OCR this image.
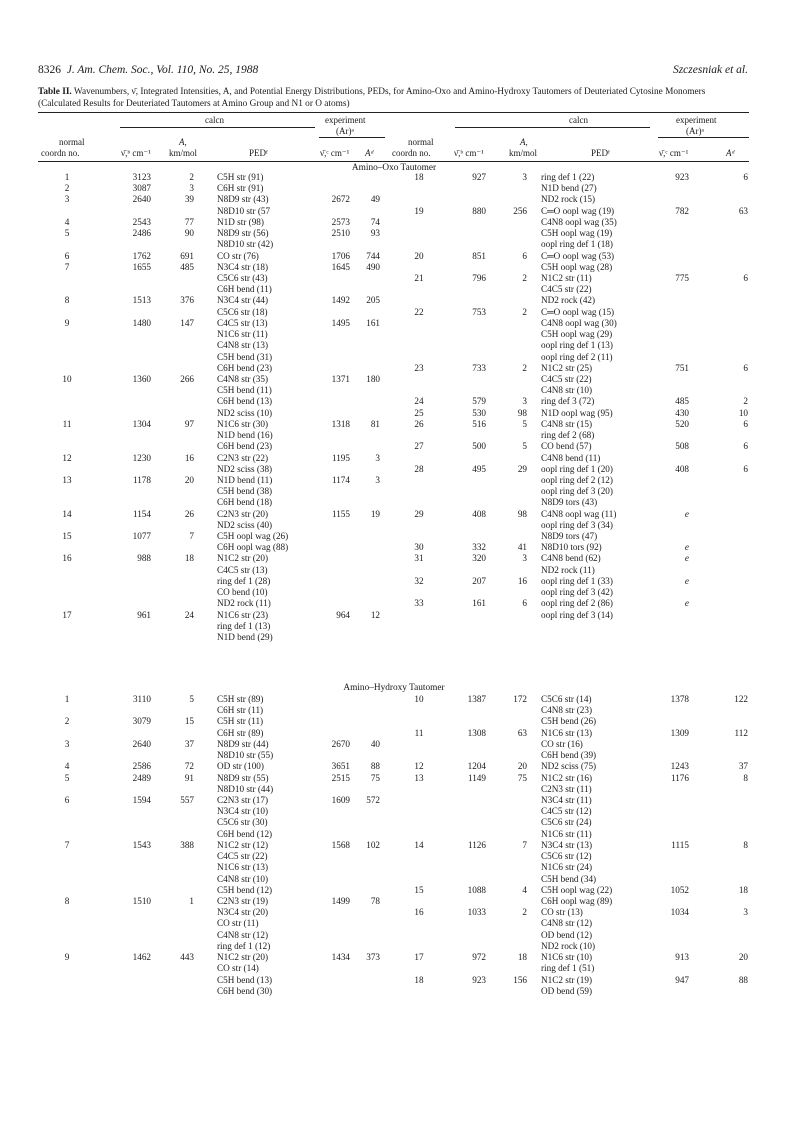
8326 J. Am. Chem. Soc., Vol. 110, No. 25, 1988	Szczesniak et al.
Table II. Wavenumbers, ν̄, Integrated Intensities, A, and Potential Energy Distributions, PEDs, for Amino-Oxo and Amino-Hydroxy Tautomers of Deuteriated Cytosine Monomers (Calculated Results for Deuteriated Tautomers at Amino Group and N1 or O atoms)
calcn	experiment
(Ar)ᵃ
calcn	experiment
(Ar)ᵃ
normal
coordn no.	ν̄,ᵇ cm⁻¹
A,
km/mol	PEDᶠ	ν̄,ᶜ cm⁻¹ Aᵈ
normal
coordn no.	ν̄,ᵇ cm⁻¹
A,
km/mol	PEDᶠ	ν̄,ᶜ cm⁻¹	Aᵈ
Amino–Oxo Tautomer
Amino–Hydroxy Tautomer
1	3123	2	C5H str (91)
2	3087	3	C6H str (91)
3	2640	39	N8D9 str (43)	2672	49
N8D10 str (57
4	2543	77	N1D str (98)	2573	74
5	2486	90	N8D9 str (56)	2510	93
N8D10 str (42)
6	1762	691	CO str (76)	1706	744
7	1655	485	N3C4 str (18)	1645	490
C5C6 str (43)
C6H bend (11)
8	1513	376	N3C4 str (44)	1492	205
C5C6 str (18)
9	1480	147	C4C5 str (13)	1495	161
N1C6 str (11)
C4N8 str (13)
C5H bend (31)
C6H bend (23)
10	1360	266	C4N8 str (35)	1371	180
C5H bend (11)
C6H bend (13)
ND2 sciss (10)
11	1304	97	N1C6 str (30)	1318	81
N1D bend (16)
C6H bend (23)
12	1230	16	C2N3 str (22)	1195	3
ND2 sciss (38)
13	1178	20	N1D bend (11)	1174	3
C5H bend (38)
C6H bend (18)
14	1154	26	C2N3 str (20)	1155	19
ND2 sciss (40)
15	1077	7	C5H oopl wag (26)
C6H oopl wag (88)
16	988	18	N1C2 str (20)
C4C5 str (13)
ring def 1 (28)
CO bend (10)
ND2 rock (11)
17	961	24	N1C6 str (23)	964	12
ring def 1 (13)
N1D bend (29)
18	927	3 ring def 1 (22)	923	6
N1D bend (27)
ND2 rock (15)
19	880	256 C═O oopl wag (19)	782	63
C4N8 oopl wag (35)
C5H oopl wag (19)
oopl ring def 1 (18)
20	851	6 C═O oopl wag (53)
C5H oopl wag (28)
21	796	2 N1C2 str (11)	775	6
C4C5 str (22)
ND2 rock (42)
22	753	2 C═O oopl wag (15)
C4N8 oopl wag (30)
C5H oopl wag (29)
oopl ring def 1 (13)
oopl ring def 2 (11)
23	733	2 N1C2 str (25)	751	6
C4C5 str (22)
C4N8 str (10)
24	579	3 ring def 3 (72)	485	2
25	530	98 N1D oopl wag (95)	430	10
26	516	5 C4N8 str (15)	520	6
ring def 2 (68)
27	500	5 CO bend (57)	508	6
C4N8 bend (11)
28	495	29 oopl ring def 1 (20)	408	6
oopl ring def 2 (12)
oopl ring def 3 (20)
N8D9 tors (43)
29	408	98 C4N8 oopl wag (11)	e
oopl ring def 3 (34)
N8D9 tors (47)
30	332	41 N8D10 tors (92)	e
31	320	3 C4N8 bend (62)	e
ND2 rock (11)
32	207	16 oopl ring def 1 (33)	e
oopl ring def 3 (42)
33	161	6 oopl ring def 2 (86)	e
oopl ring def 3 (14)
1	3110	5	C5H str (89)
C6H str (11)
2	3079	15	C5H str (11)
C6H str (89)
3	2640	37	N8D9 str (44)	2670	40
N8D10 str (55)
4	2586	72	OD str (100)	3651	88
5	2489	91	N8D9 str (55)	2515	75
N8D10 str (44)
6	1594	557	C2N3 str (17)	1609	572
N3C4 str (10)
C5C6 str (30)
C6H bend (12)
7	1543	388	N1C2 str (12)	1568	102
C4C5 str (22)
N1C6 str (13)
C4N8 str (10)
C5H bend (12)
8	1510	1	C2N3 str (19)	1499	78
N3C4 str (20)
CO str (11)
C4N8 str (12)
ring def 1 (12)
9	1462	443	N1C2 str (20)	1434	373
CO str (14)
C5H bend (13)
C6H bend (30)
10	1387	172 C5C6 str (14)	1378	122
C4N8 str (23)
C5H bend (26)
11	1308	63 N1C6 str (13)	1309	112
CO str (16)
C6H bend (39)
12	1204	20 ND2 sciss (75)	1243	37
13	1149	75 N1C2 str (16)	1176	8
C2N3 str (11)
N3C4 str (11)
C4C5 str (12)
C5C6 str (24)
N1C6 str (11)
14	1126	7 N3C4 str (13)	1115	8
C5C6 str (12)
N1C6 str (24)
C5H bend (34)
15	1088	4 C5H oopl wag (22)	1052	18
C6H oopl wag (89)
16	1033	2 CO str (13)	1034	3
C4N8 str (12)
OD bend (12)
ND2 rock (10)
17	972	18 N1C6 str (10)	913	20
ring def 1 (51)
18	923	156 N1C2 str (19)	947	88
OD bend (59)
